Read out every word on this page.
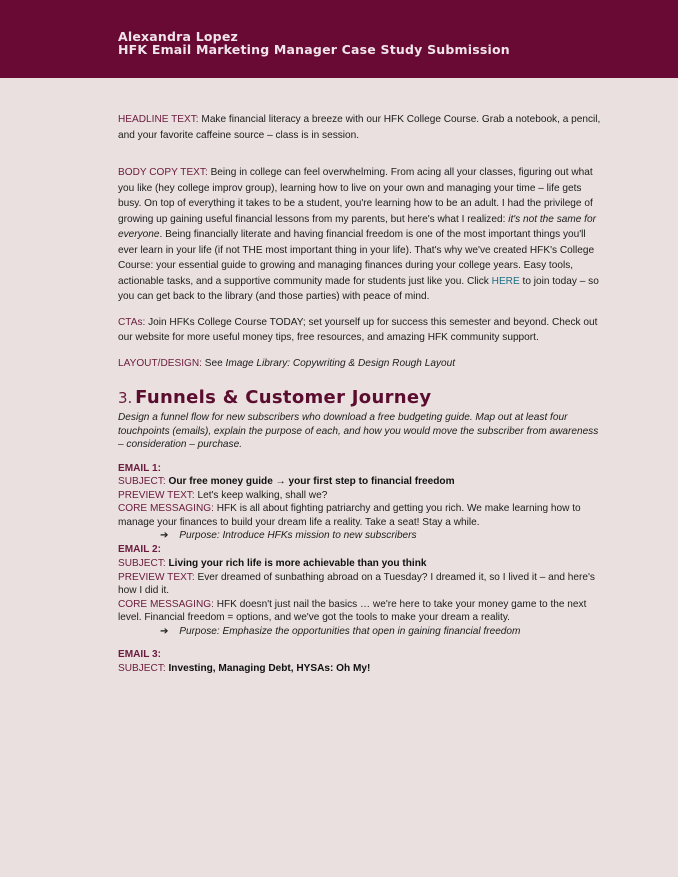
Alexandra Lopez
HFK Email Marketing Manager Case Study Submission

HEADLINE TEXT: Make financial literacy a breeze with our HFK College Course. Grab a notebook, a pencil, and your favorite caffeine source – class is in session.

BODY COPY TEXT: Being in college can feel overwhelming. From acing all your classes, figuring out what you like (hey college improv group), learning how to live on your own and managing your time – life gets busy. On top of everything it takes to be a student, you're learning how to be an adult. I had the privilege of growing up gaining useful financial lessons from my parents, but here's what I realized: it's not the same for everyone. Being financially literate and having financial freedom is one of the most important things you'll ever learn in your life (if not THE most important thing in your life). That's why we've created HFK's College Course: your essential guide to growing and managing finances during your college years. Easy tools, actionable tasks, and a supportive community made for students just like you. Click HERE to join today – so you can get back to the library (and those parties) with peace of mind.

CTAs: Join HFKs College Course TODAY; set yourself up for success this semester and beyond. Check out our website for more useful money tips, free resources, and amazing HFK community support.

LAYOUT/DESIGN: See Image Library: Copywriting & Design Rough Layout

3. Funnels & Customer Journey

Design a funnel flow for new subscribers who download a free budgeting guide. Map out at least four touchpoints (emails), explain the purpose of each, and how you would move the subscriber from awareness – consideration – purchase.

EMAIL 1:
SUBJECT: Our free money guide → your first step to financial freedom
PREVIEW TEXT: Let's keep walking, shall we?
CORE MESSAGING: HFK is all about fighting patriarchy and getting you rich. We make learning how to manage your finances to build your dream life a reality. Take a seat! Stay a while.
➔ Purpose: Introduce HFKs mission to new subscribers
EMAIL 2:
SUBJECT: Living your rich life is more achievable than you think
PREVIEW TEXT: Ever dreamed of sunbathing abroad on a Tuesday? I dreamed it, so I lived it – and here's how I did it.
CORE MESSAGING: HFK doesn't just nail the basics … we're here to take your money game to the next level. Financial freedom = options, and we've got the tools to make your dream a reality.
➔ Purpose: Emphasize the opportunities that open in gaining financial freedom
EMAIL 3:
SUBJECT: Investing, Managing Debt, HYSAs: Oh My!
